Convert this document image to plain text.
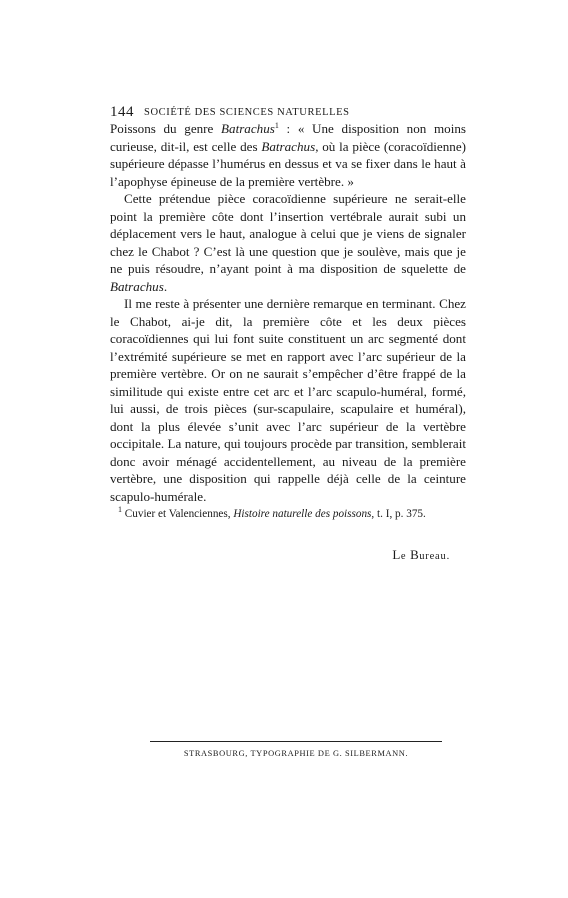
144 SOCIÉTÉ DES SCIENCES NATURELLES

Poissons du genre Batrachus$^1$ : « Une disposition non moins curieuse, dit-il, est celle des Batrachus, où la pièce (coracoïdienne) supérieure dépasse l’humérus en dessus et va se fixer dans le haut à l’apophyse épineuse de la première vertèbre. »

Cette prétendue pièce coracoïdienne supérieure ne serait-elle point la première côte dont l’insertion vertébrale aurait subi un déplacement vers le haut, analogue à celui que je viens de signaler chez le Chabot ? C’est là une question que je soulève, mais que je ne puis résoudre, n’ayant point à ma disposition de squelette de Batrachus.

Il me reste à présenter une dernière remarque en terminant. Chez le Chabot, ai-je dit, la première côte et les deux pièces coracoïdiennes qui lui font suite constituent un arc segmenté dont l’extrémité supérieure se met en rapport avec l’arc supérieur de la première vertèbre. Or on ne saurait s’empêcher d’être frappé de la similitude qui existe entre cet arc et l’arc scapulo-huméral, formé, lui aussi, de trois pièces (sur-scapulaire, scapulaire et huméral), dont la plus élevée s’unit avec l’arc supérieur de la vertèbre occipitale. La nature, qui toujours procède par transition, semblerait donc avoir ménagé accidentellement, au niveau de la première vertèbre, une disposition qui rappelle déjà celle de la ceinture scapulo-humérale.

$^1$ Cuvier et Valenciennes, Histoire naturelle des poissons, t. I, p. 375.
Le Bureau.
STRASBOURG, TYPOGRAPHIE DE G. SILBERMANN.
